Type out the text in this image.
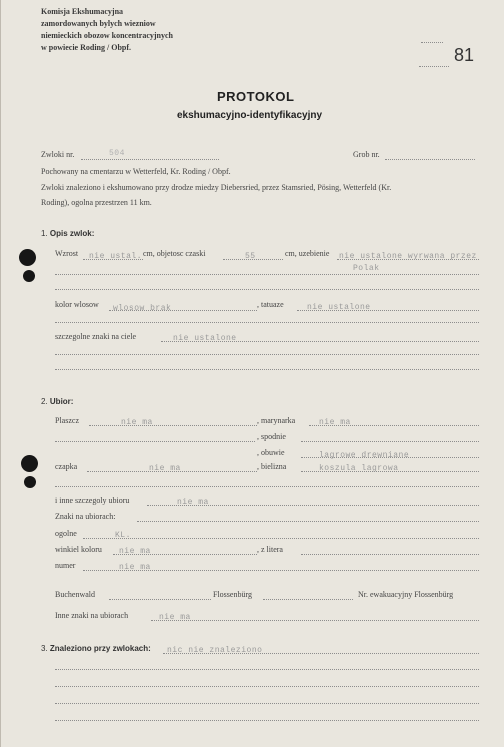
Komisja Ekshumacyjna
zamordowanych bylych wiezniow
niemieckich obozow koncentracyjnych
w powiecie Roding / Obpf.	81
PROTOKOL
ekshumacyjno-identyfikacyjny
Zwloki nr.	504	Grob nr.
Pochowany na cmentarzu w Wetterfeld, Kr. Roding / Obpf.
Zwloki znaleziono i ekshumowano przy drodze miedzy Diebersried, przez Stamsried, Pösing, Wetterfeld (Kr.
Roding), ogolna przestrzen 11 km.
1. Opis zwlok:
Wzrost nie ustal. cm, objetosc czaski	55	cm, uzebienie nie ustalone wyrwana przez
Polak
kolor wlosow wlosow brak	, tatuaze	nie ustalone
szczegolne znaki na ciele	nie ustalone
2. Ubior:
Plaszcz	nie ma	, marynarka	nie ma
, spodnie
, obuwie	lagrowe drewniane
czapka	nie ma	, bielizna	koszula lagrowa
i inne szczegoly ubioru	nie ma
Znaki na ubiorach:
ogolne	KL.
winkiel koloru nie ma	, z litera
numer	nie ma
Buchenwald	Flossenbürg	Nr. ewakuacyjny Flossenbürg
Inne znaki na ubiorach	nie ma
3. Znaleziono przy zwlokach: nic nie znaleziono
